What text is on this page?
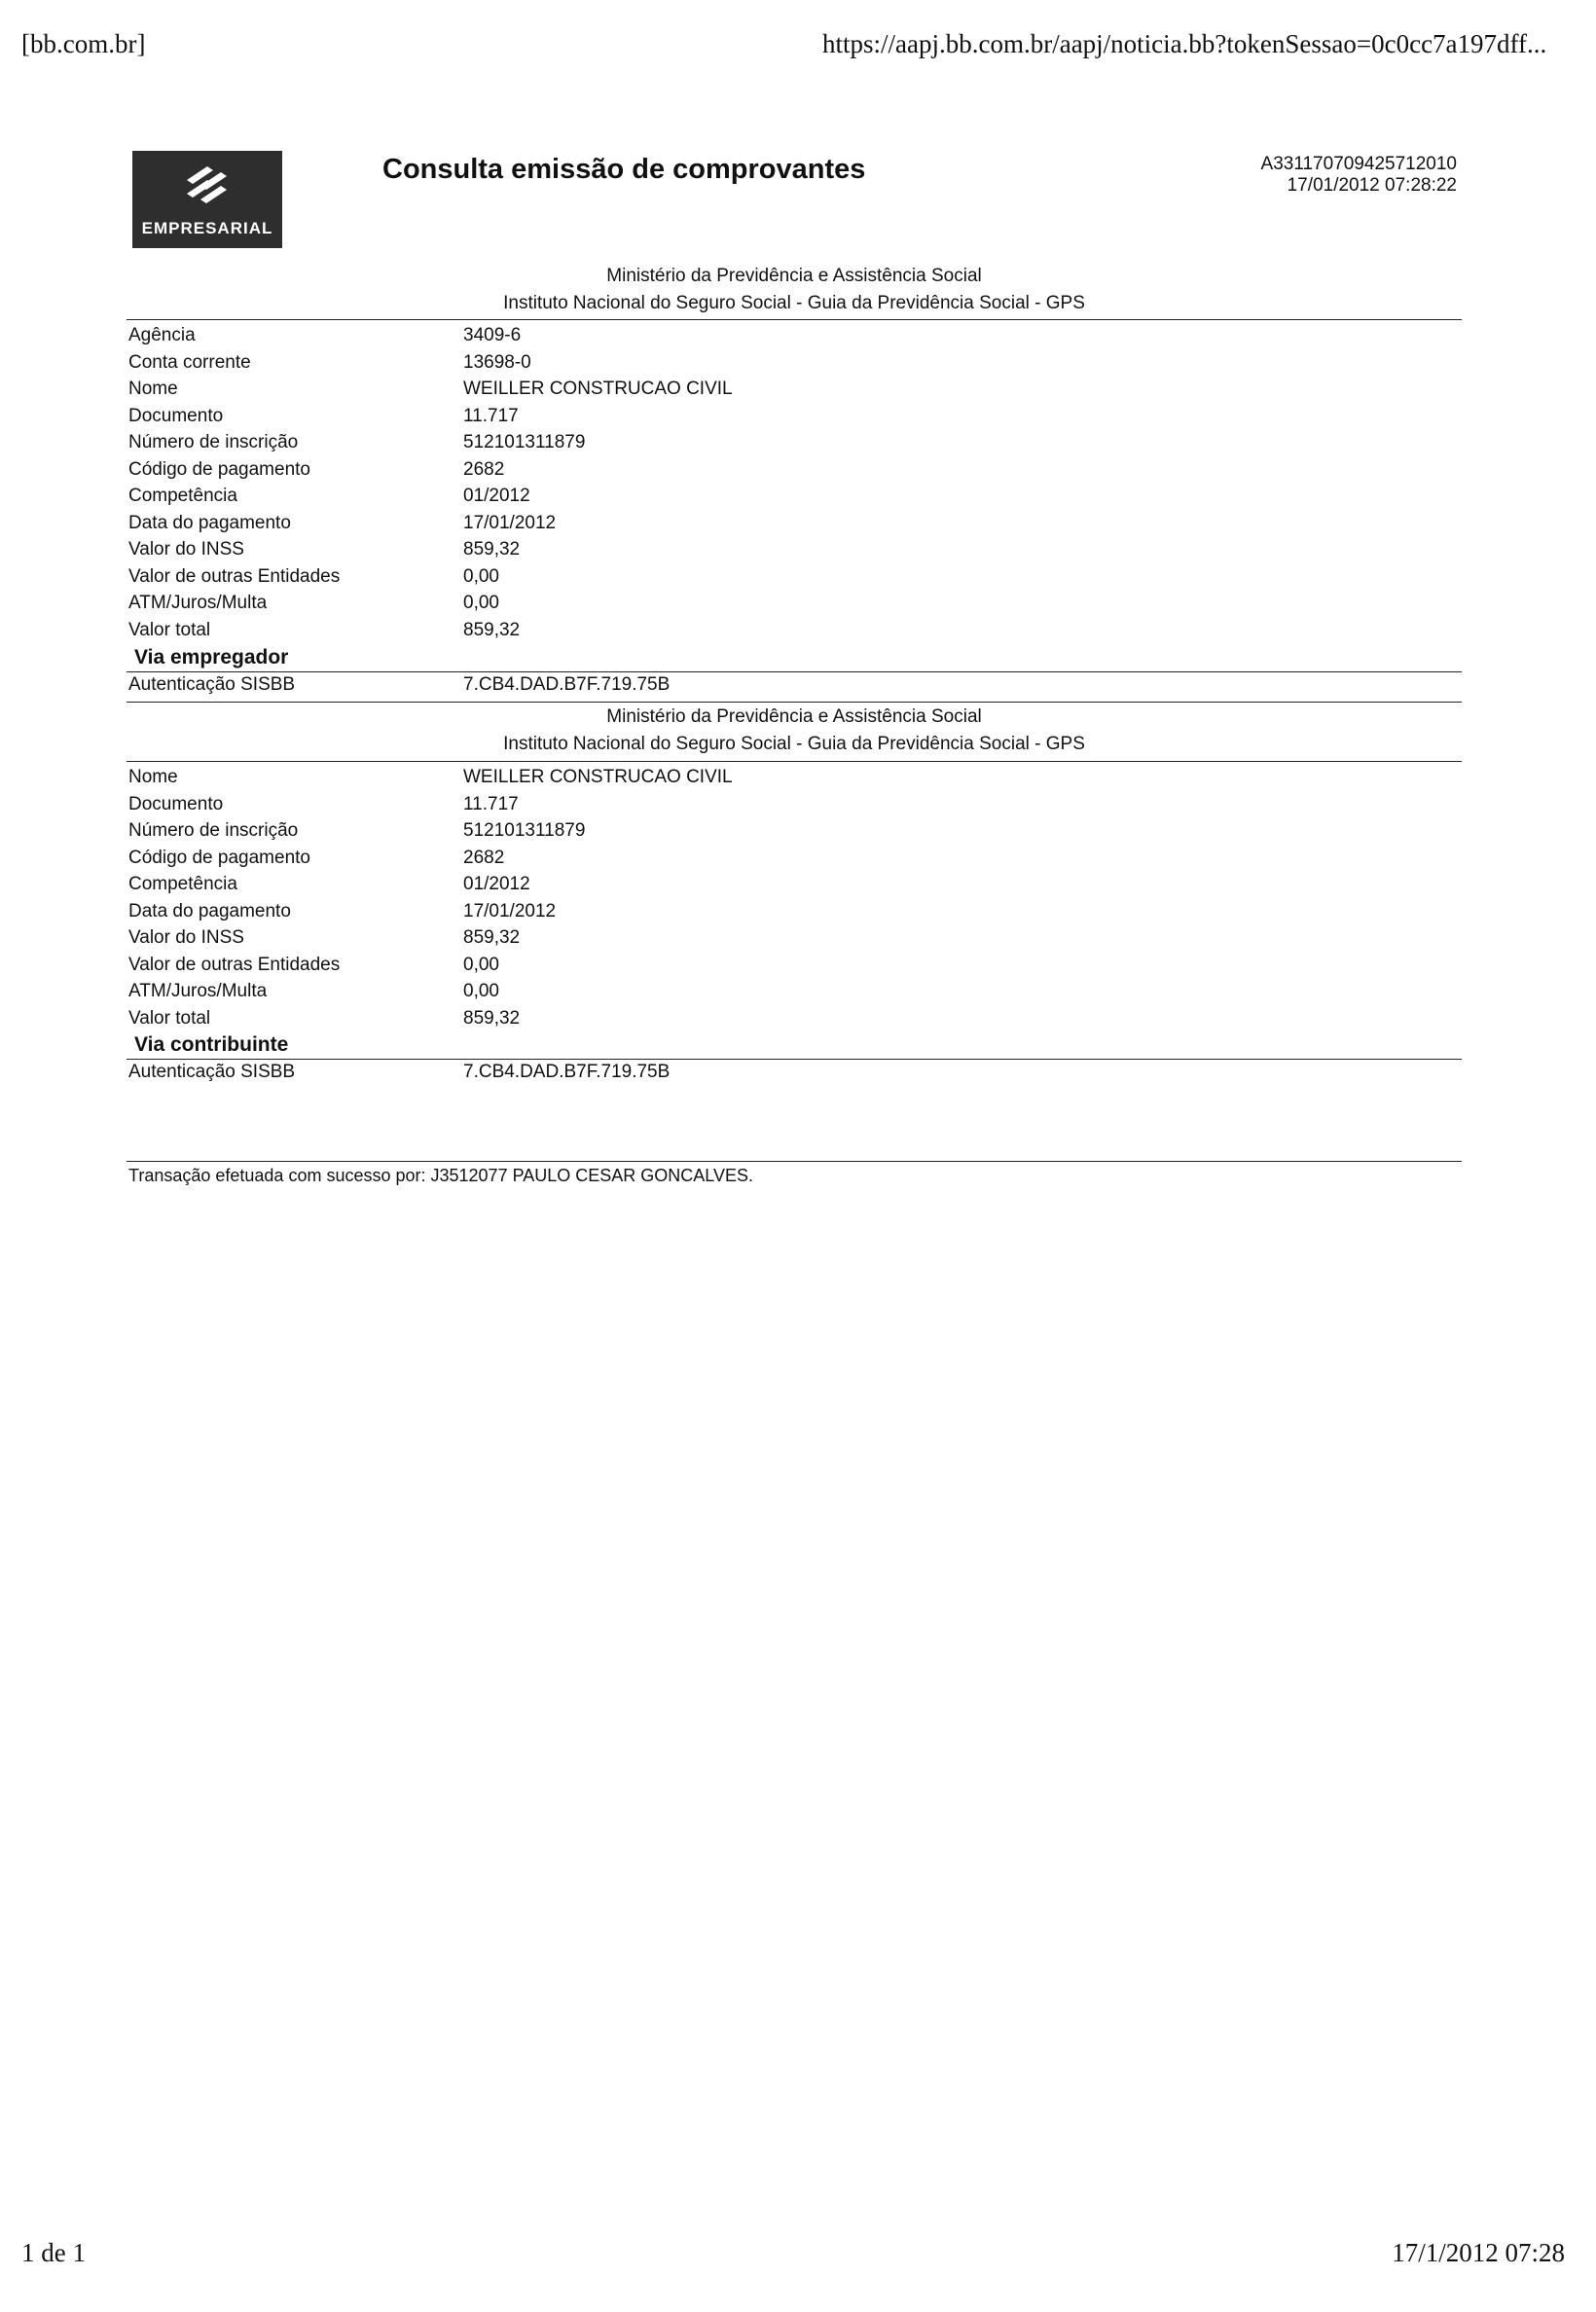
[bb.com.br]	https://aapj.bb.com.br/aapj/noticia.bb?tokenSessao=0c0cc7a197dff...
EMPRESARIAL
Consulta emissão de comprovantes	A331170709425712010
17/01/2012 07:28:22
Ministério da Previdência e Assistência Social
Instituto Nacional do Seguro Social - Guia da Previdência Social - GPS
Agência	3409-6
Conta corrente	13698-0
Nome	WEILLER CONSTRUCAO CIVIL
Documento	11.717
Número de inscrição	512101311879
Código de pagamento	2682
Competência	01/2012
Data do pagamento	17/01/2012
Valor do INSS	859,32
Valor de outras Entidades	0,00
ATM/Juros/Multa	0,00
Valor total	859,32
Via empregador
Autenticação SISBB	7.CB4.DAD.B7F.719.75B
Ministério da Previdência e Assistência Social
Instituto Nacional do Seguro Social - Guia da Previdência Social - GPS
Nome	WEILLER CONSTRUCAO CIVIL
Documento	11.717
Número de inscrição	512101311879
Código de pagamento	2682
Competência	01/2012
Data do pagamento	17/01/2012
Valor do INSS	859,32
Valor de outras Entidades	0,00
ATM/Juros/Multa	0,00
Valor total	859,32
Via contribuinte
Autenticação SISBB	7.CB4.DAD.B7F.719.75B
Transação efetuada com sucesso por: J3512077 PAULO CESAR GONCALVES.
1 de 1	17/1/2012 07:28
